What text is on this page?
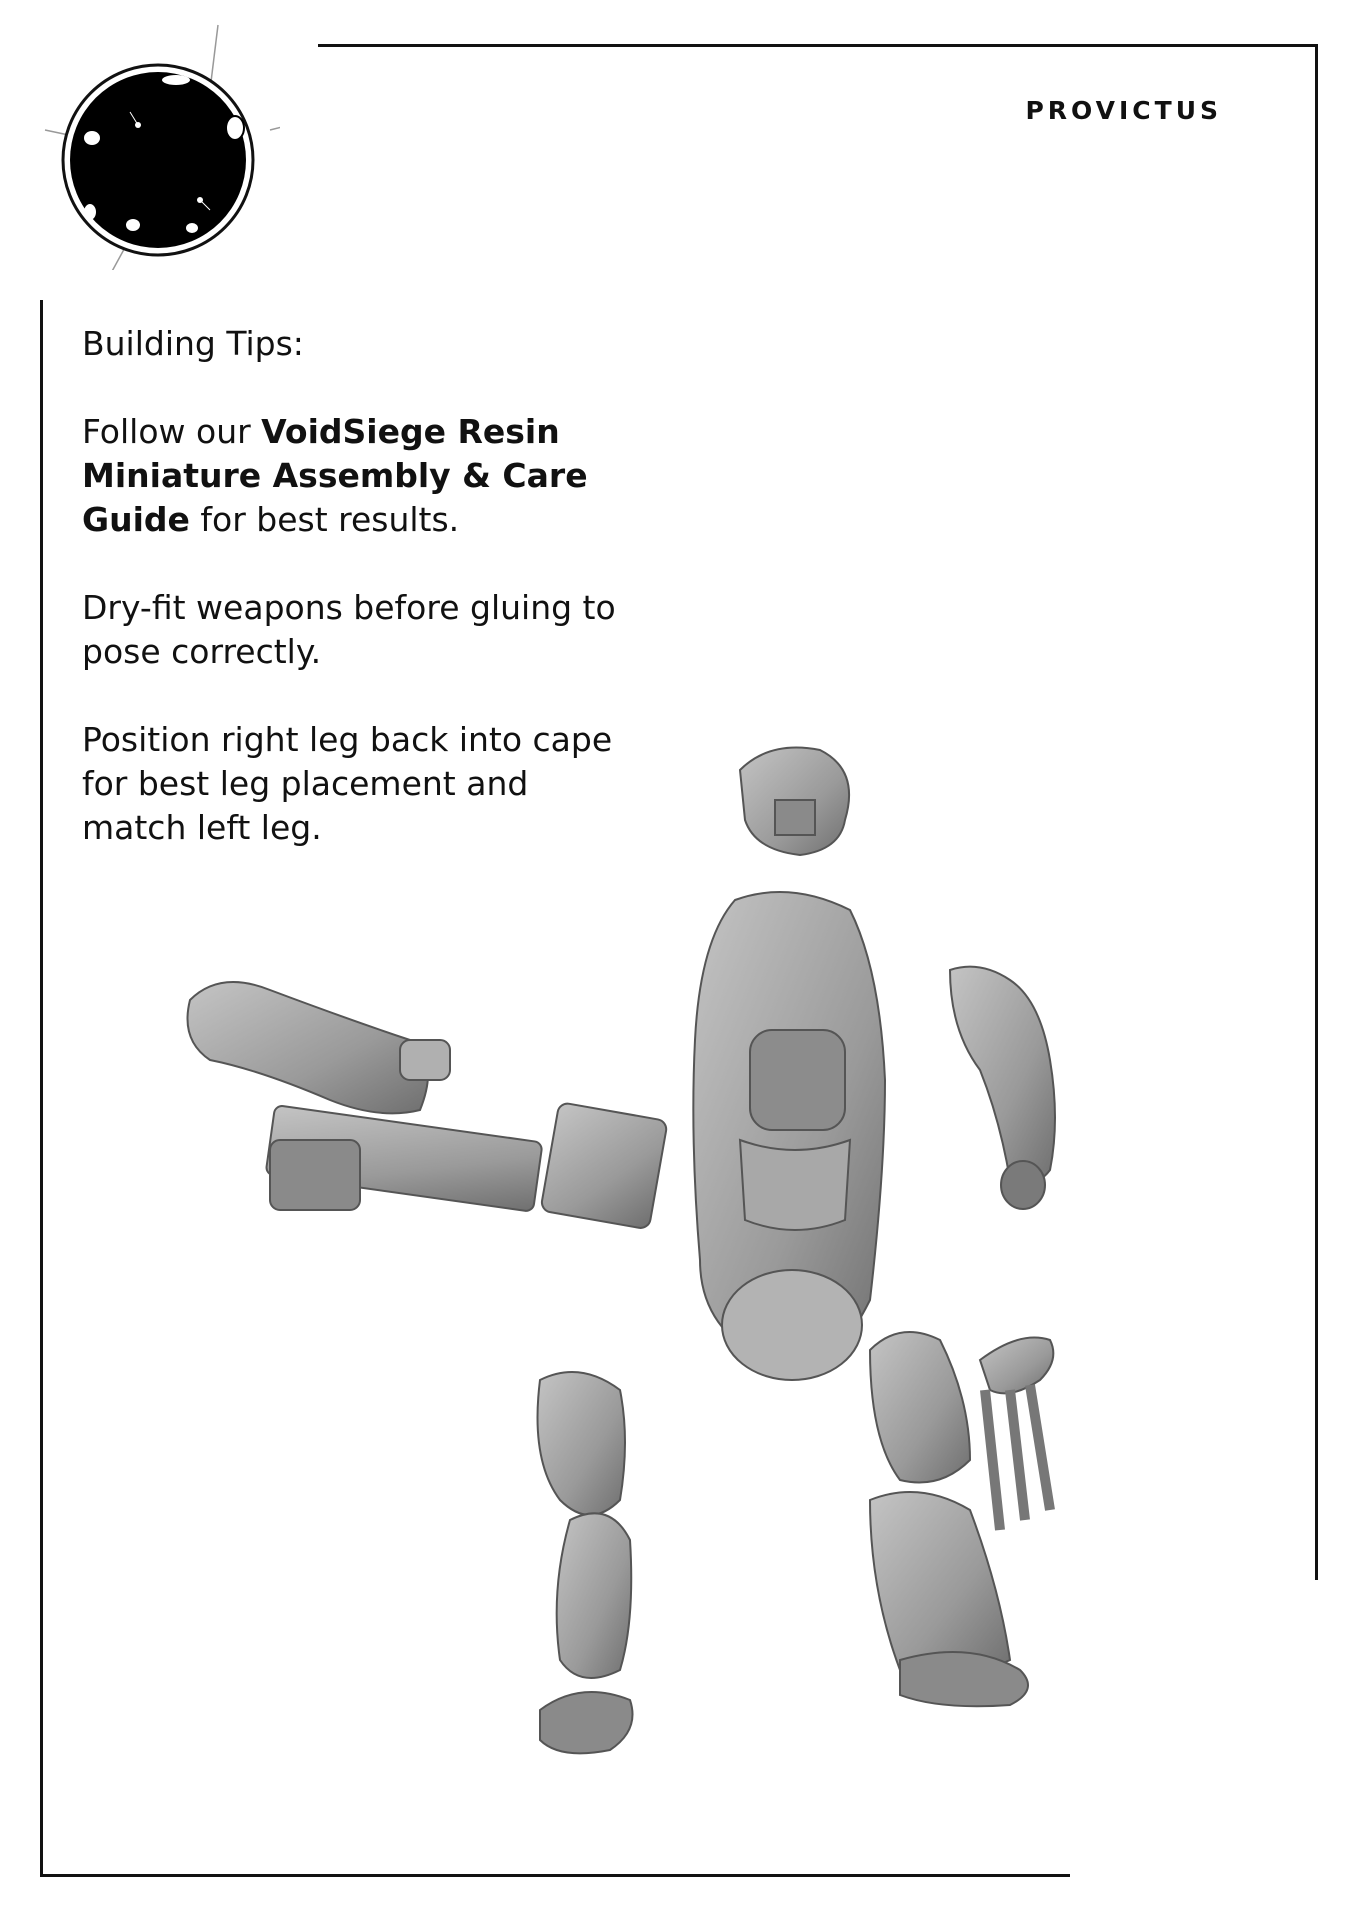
provictus

Building Tips:

Follow our VoidSiege Resin Miniature Assembly & Care Guide for best results.

Dry-fit weapons before gluing to pose correctly.

Position right leg back into cape for best leg placement and match left leg.
